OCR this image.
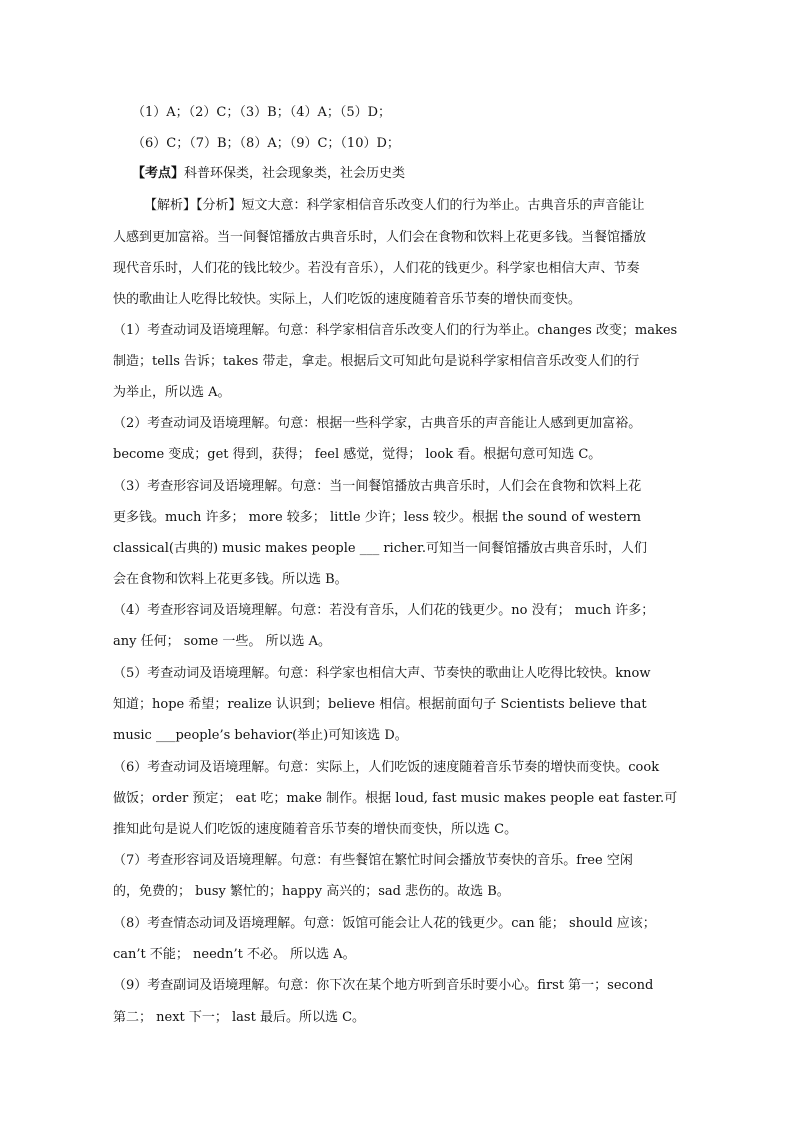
（1）A；（2）C；（3）B；（4）A；（5）D；
（6）C；（7）B；（8）A；（9）C；（10）D；
【考点】科普环保类，社会现象类，社会历史类
【解析】【分析】短文大意：科学家相信音乐改变人们的行为举止。古典音乐的声音能让
人感到更加富裕。当一间餐馆播放古典音乐时，人们会在食物和饮料上花更多钱。当餐馆播放
现代音乐时，人们花的钱比较少。若没有音乐），人们花的钱更少。科学家也相信大声、节奏
快的歌曲让人吃得比较快。实际上，人们吃饭的速度随着音乐节奏的增快而变快。
（1）考查动词及语境理解。句意：科学家相信音乐改变人们的行为举止。changes 改变；makes
制造；tells 告诉；takes 带走，拿走。根据后文可知此句是说科学家相信音乐改变人们的行
为举止，所以选 A。
（2）考查动词及语境理解。句意：根据一些科学家，古典音乐的声音能让人感到更加富裕。
become 变成；get 得到，获得； feel 感觉，觉得； look 看。根据句意可知选 C。
（3）考查形容词及语境理解。句意：当一间餐馆播放古典音乐时，人们会在食物和饮料上花
更多钱。much 许多； more 较多； little 少许；less 较少。根据 the sound of western
classical(古典的) music makes people ___ richer.可知当一间餐馆播放古典音乐时，人们
会在食物和饮料上花更多钱。所以选 B。
（4）考查形容词及语境理解。句意：若没有音乐，人们花的钱更少。no 没有； much 许多；
any 任何； some 一些。 所以选 A。
（5）考查动词及语境理解。句意：科学家也相信大声、节奏快的歌曲让人吃得比较快。know
知道；hope 希望；realize 认识到；believe 相信。根据前面句子 Scientists believe that
music ___people’s behavior(举止)可知该选 D。
（6）考查动词及语境理解。句意：实际上，人们吃饭的速度随着音乐节奏的增快而变快。cook
做饭；order 预定； eat 吃；make 制作。根据 loud, fast music makes people eat faster.可
推知此句是说人们吃饭的速度随着音乐节奏的增快而变快，所以选 C。
（7）考查形容词及语境理解。句意：有些餐馆在繁忙时间会播放节奏快的音乐。free 空闲
的，免费的； busy 繁忙的；happy 高兴的；sad 悲伤的。故选 B。
（8）考查情态动词及语境理解。句意：饭馆可能会让人花的钱更少。can 能； should 应该；
can’t 不能； needn’t 不必。 所以选 A。
（9）考查副词及语境理解。句意：你下次在某个地方听到音乐时要小心。first 第一；second
第二； next 下一； last 最后。所以选 C。
